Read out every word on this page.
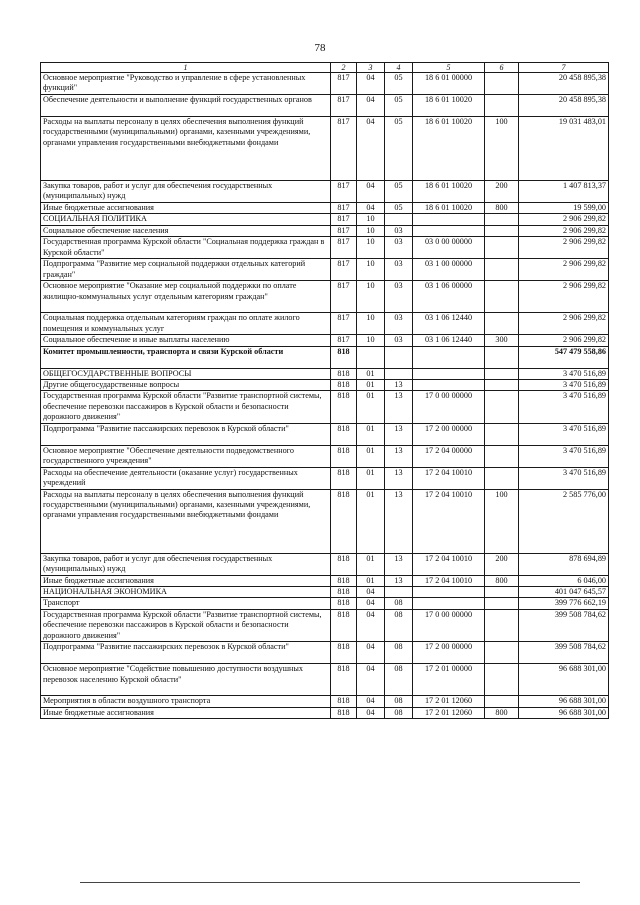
78
1	2	3	4	5	6	7
Основное мероприятие "Руководство и управление в сфере установленных функций"	817	04	05	18 6 01 00000		20 458 895,38
Обеспечение деятельности и выполнение функций государственных органов	817	04	05	18 6 01 10020		20 458 895,38
Расходы на выплаты персоналу в целях обеспечения выполнения функций государственными (муниципальными) органами, казенными учреждениями, органами управления государственными внебюджетными фондами	817	04	05	18 6 01 10020	100	19 031 483,01
Закупка товаров, работ и услуг для обеспечения государственных (муниципальных) нужд	817	04	05	18 6 01 10020	200	1 407 813,37
Иные бюджетные ассигнования	817	04	05	18 6 01 10020	800	19 599,00
СОЦИАЛЬНАЯ ПОЛИТИКА	817	10				2 906 299,82
Социальное обеспечение населения	817	10	03			2 906 299,82
Государственная программа Курской области "Социальная поддержка граждан в Курской области"	817	10	03	03 0 00 00000		2 906 299,82
Подпрограмма "Развитие мер социальной поддержки отдельных категорий граждан"	817	10	03	03 1 00 00000		2 906 299,82
Основное мероприятие "Оказание мер социальной поддержки по оплате жилищно-коммунальных услуг отдельным категориям граждан"	817	10	03	03 1 06 00000		2 906 299,82
Социальная поддержка отдельным категориям граждан по оплате жилого помещения и коммунальных услуг	817	10	03	03 1 06 12440		2 906 299,82
Социальное обеспечение и иные выплаты населению	817	10	03	03 1 06 12440	300	2 906 299,82
Комитет промышленности, транспорта и связи Курской области	818					547 479 558,86
ОБЩЕГОСУДАРСТВЕННЫЕ ВОПРОСЫ	818	01				3 470 516,89
Другие общегосударственные вопросы	818	01	13			3 470 516,89
Государственная программа Курской области "Развитие транспортной системы, обеспечение перевозки пассажиров в Курской области и безопасности дорожного движения"	818	01	13	17 0 00 00000		3 470 516,89
Подпрограмма "Развитие пассажирских перевозок в Курской области"	818	01	13	17 2 00 00000		3 470 516,89
Основное мероприятие "Обеспечение деятельности подведомственного государственного учреждения"	818	01	13	17 2 04 00000		3 470 516,89
Расходы на обеспечение деятельности (оказание услуг) государственных учреждений	818	01	13	17 2 04 10010		3 470 516,89
Расходы на выплаты персоналу в целях обеспечения выполнения функций государственными (муниципальными) органами, казенными учреждениями, органами управления государственными внебюджетными фондами	818	01	13	17 2 04 10010	100	2 585 776,00
Закупка товаров, работ и услуг для обеспечения государственных (муниципальных) нужд	818	01	13	17 2 04 10010	200	878 694,89
Иные бюджетные ассигнования	818	01	13	17 2 04 10010	800	6 046,00
НАЦИОНАЛЬНАЯ ЭКОНОМИКА	818	04				401 047 645,57
Транспорт	818	04	08			399 776 662,19
Государственная программа Курской области "Развитие транспортной системы, обеспечение перевозки пассажиров в Курской области и безопасности дорожного движения"	818	04	08	17 0 00 00000		399 508 784,62
Подпрограмма "Развитие пассажирских перевозок в Курской области"	818	04	08	17 2 00 00000		399 508 784,62
Основное мероприятие "Содействие повышению доступности воздушных перевозок населению Курской области"	818	04	08	17 2 01 00000		96 688 301,00
Мероприятия в области воздушного транспорта	818	04	08	17 2 01 12060		96 688 301,00
Иные бюджетные ассигнования	818	04	08	17 2 01 12060	800	96 688 301,00
